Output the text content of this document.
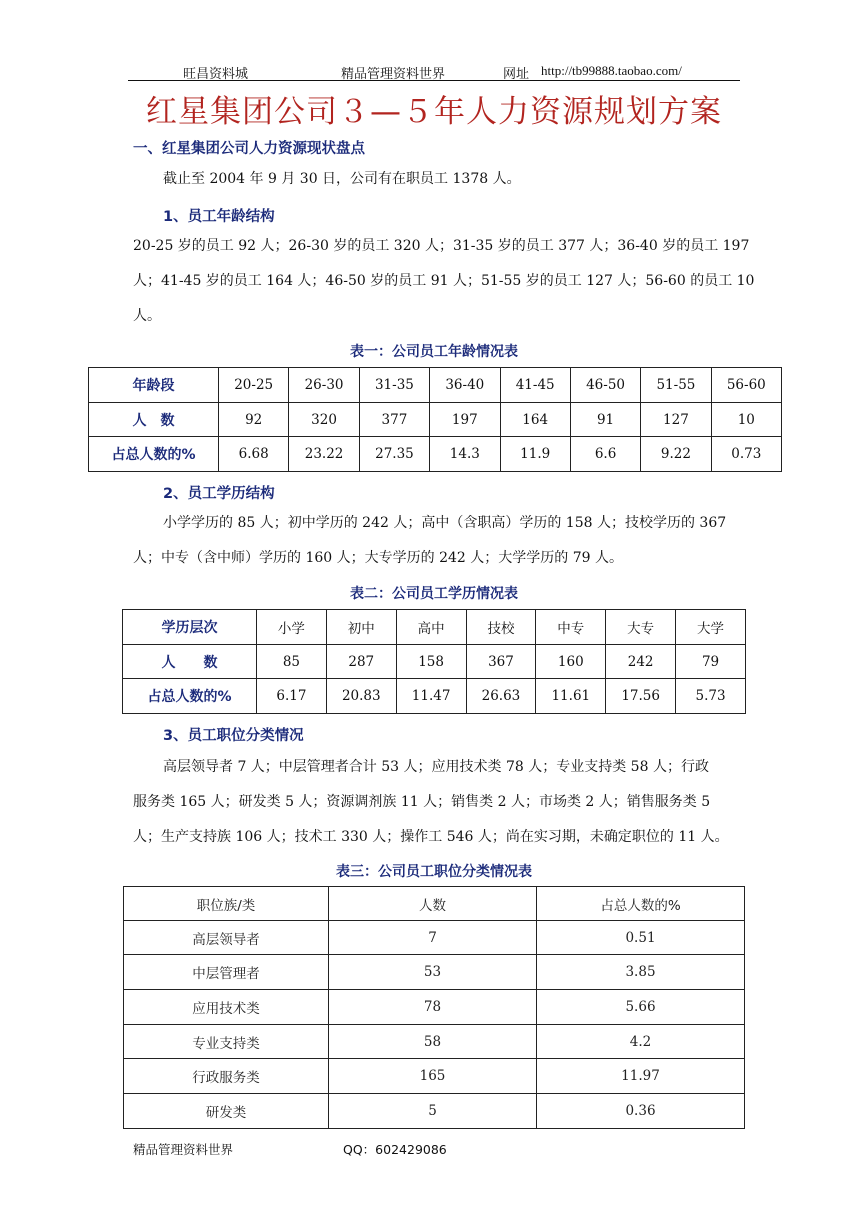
旺昌资料城	精品管理资料世界	网址 http://tb99888.taobao.com/
红星集团公司３—５年人力资源规划方案
一、红星集团公司人力资源现状盘点
截止至 2004 年 9 月 30 日，公司有在职员工 1378 人。
1、员工年龄结构
20-25 岁的员工 92 人；26-30 岁的员工 320 人；31-35 岁的员工 377 人；36-40 岁的员工 197
人；41-45 岁的员工 164 人；46-50 岁的员工 91 人；51-55 岁的员工 127 人；56-60 的员工 10
人。
表一：公司员工年龄情况表
年龄段	20-25	26-30	31-35	36-40	41-45	46-50	51-55	56-60
人　数	92	320	377	197	164	91	127	10
占总人数的%	6.68	23.22	27.35	14.3	11.9	6.6	9.22	0.73
2、员工学历结构
小学学历的 85 人；初中学历的 242 人；高中（含职高）学历的 158 人；技校学历的 367
人；中专（含中师）学历的 160 人；大专学历的 242 人；大学学历的 79 人。
表二：公司员工学历情况表
学历层次	小学	初中	高中	技校	中专	大专	大学
人　　数	85	287	158	367	160	242	79
占总人数的%	6.17	20.83	11.47	26.63	11.61	17.56	5.73
3、员工职位分类情况
高层领导者 7 人；中层管理者合计 53 人；应用技术类 78 人；专业支持类 58 人；行政
服务类 165 人；研发类 5 人；资源调剂族 11 人；销售类 2 人；市场类 2 人；销售服务类 5
人；生产支持族 106 人；技术工 330 人；操作工 546 人；尚在实习期，未确定职位的 11 人。
表三：公司员工职位分类情况表
职位族/类	人数	占总人数的%
高层领导者	7	0.51
中层管理者	53	3.85
应用技术类	78	5.66
专业支持类	58	4.2
行政服务类	165	11.97
研发类	5	0.36
精品管理资料世界	QQ：602429086
